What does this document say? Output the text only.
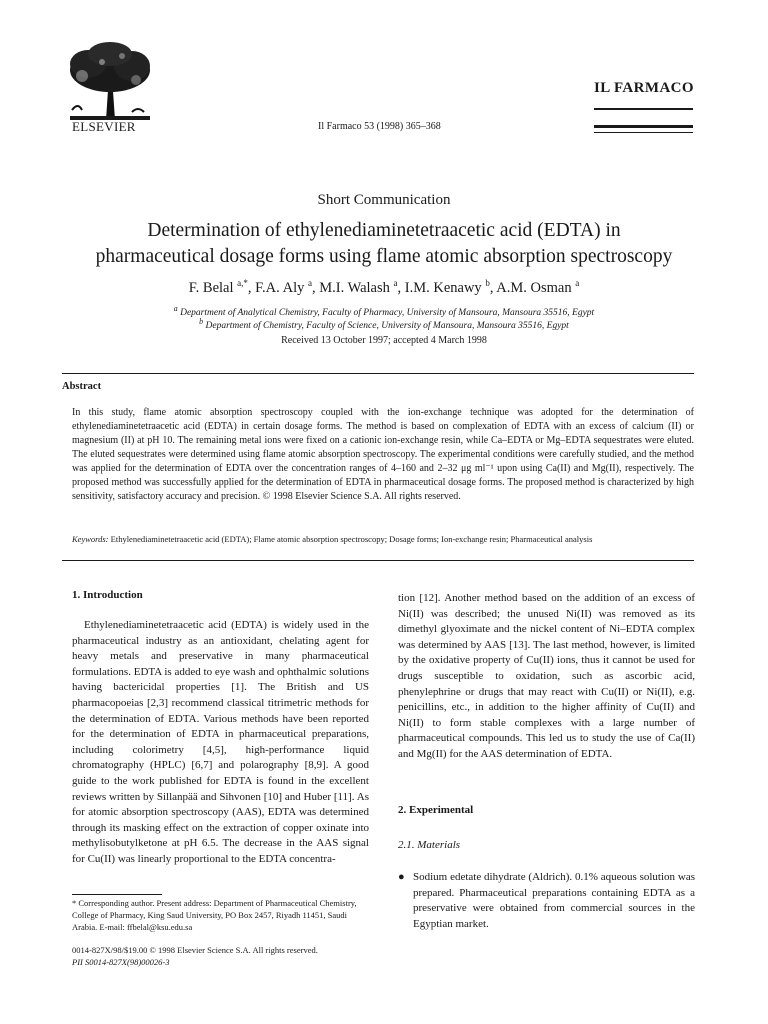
ELSEVIER	Il Farmaco 53 (1998) 365–368
IL FARMACO
Short Communication
Determination of ethylenediaminetetraacetic acid (EDTA) in
pharmaceutical dosage forms using flame atomic absorption spectroscopy
F. Belal $^{a,*}$, F.A. Aly $^a$, M.I. Walash $^a$, I.M. Kenawy $^b$, A.M. Osman $^a$
$^a$ Department of Analytical Chemistry, Faculty of Pharmacy, University of Mansoura, Mansoura 35516, Egypt
$^b$ Department of Chemistry, Faculty of Science, University of Mansoura, Mansoura 35516, Egypt
Received 13 October 1997; accepted 4 March 1998
Abstract
In this study, flame atomic absorption spectroscopy coupled with the ion-exchange technique was adopted for the determination of ethylenediaminetetraacetic acid (EDTA) in certain dosage forms. The method is based on complexation of EDTA with an excess of calcium (II) or magnesium (II) at pH 10. The remaining metal ions were fixed on a cationic ion-exchange resin, while Ca–EDTA or Mg–EDTA sequestrates were eluted. The eluted sequestrates were determined using flame atomic absorption spectroscopy. The experimental conditions were carefully studied, and the method was applied for the determination of EDTA over the concentration ranges of 4–160 and 2–32 μg ml⁻¹ upon using Ca(II) and Mg(II), respectively. The proposed method was successfully applied for the determination of EDTA in pharmaceutical dosage forms. The proposed method is characterized by high sensitivity, satisfactory accuracy and precision. © 1998 Elsevier Science S.A. All rights reserved.
Keywords: Ethylenediaminetetraacetic acid (EDTA); Flame atomic absorption spectroscopy; Dosage forms; Ion-exchange resin; Pharmaceutical analysis
1. Introduction
Ethylenediaminetetraacetic acid (EDTA) is widely used in the pharmaceutical industry as an antioxidant, chelating agent for heavy metals and preservative in many pharmaceutical formulations. EDTA is added to eye wash and ophthalmic solutions having bactericidal properties [1]. The British and US pharmacopoeias [2,3] recommend classical titrimetric methods for the determination of EDTA. Various methods have been reported for the determination of EDTA in pharmaceutical preparations, including colorimetry [4,5], high-performance liquid chromatography (HPLC) [6,7] and polarography [8,9]. A good guide to the work published for EDTA is found in the excellent reviews written by Sillanpää and Sihvonen [10] and Huber [11]. As for atomic absorption spectroscopy (AAS), EDTA was determined through its masking effect on the extraction of copper oxinate into methylisobutylketone at pH 6.5. The decrease in the AAS signal for Cu(II) was linearly proportional to the EDTA concentra-
tion [12]. Another method based on the addition of an excess of Ni(II) was described; the unused Ni(II) was removed as its dimethyl glyoximate and the nickel content of Ni–EDTA complex was determined by AAS [13]. The last method, however, is limited by the oxidative property of Cu(II) ions, thus it cannot be used for drugs susceptible to oxidation, such as ascorbic acid, phenylephrine or drugs that may react with Cu(II) or Ni(II), e.g. penicillins, etc., in addition to the higher affinity of Cu(II) and Ni(II) to form stable complexes with a large number of pharmaceutical compounds. This led us to study the use of Ca(II) and Mg(II) for the AAS determination of EDTA.
2. Experimental
2.1. Materials
● Sodium edetate dihydrate (Aldrich). 0.1% aqueous solution was prepared. Pharmaceutical preparations containing EDTA as a preservative were obtained from commercial sources in the Egyptian market.
* Corresponding author. Present address: Department of Pharmaceutical Chemistry, College of Pharmacy, King Saud University, PO Box 2457, Riyadh 11451, Saudi Arabia. E-mail: ffbelal@ksu.edu.sa
0014-827X/98/$19.00 © 1998 Elsevier Science S.A. All rights reserved.
PII S0014-827X(98)00026-3
